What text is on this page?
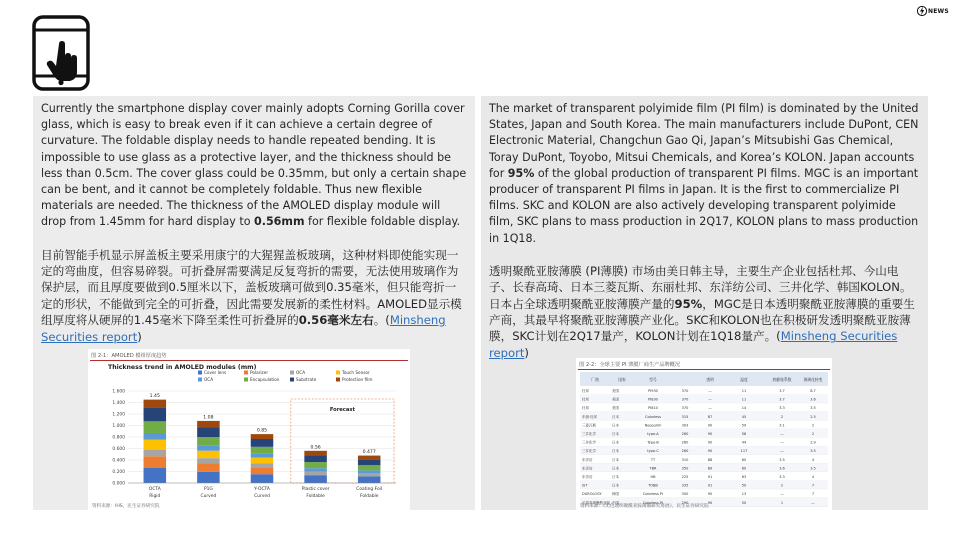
NEWS

Currently the smartphone display cover mainly adopts Corning Gorilla cover glass, which is easy to break even if it can achieve a certain degree of curvature. The foldable display needs to handle repeated bending. It is impossible to use glass as a protective layer, and the thickness should be less than 0.5cm. The cover glass could be 0.35mm, but only a certain shape can be bent, and it cannot be completely foldable. Thus new flexible materials are needed. The thickness of the AMOLED display module will drop from 1.45mm for hard display to 0.56mm for flexible foldable display.

目前智能手机显示屏盖板主要采用康宁的大猩猩盖板玻璃，这种材料即使能实现一定的弯曲度，但容易碎裂。可折叠屏需要满足反复弯折的需要，无法使用玻璃作为保护层，而且厚度要做到0.5厘米以下，盖板玻璃可做到0.35毫米，但只能弯折一定的形状，不能做到完全的可折叠，因此需要发展新的柔性材料。AMOLED显示模组厚度将从硬屏的1.45毫米下降至柔性可折叠屏的0.56毫米左右。(Minsheng Securities report)

The market of transparent polyimide film (PI film) is dominated by the United States, Japan and South Korea. The main manufacturers include DuPont, CEN Electronic Material, Changchun Gao Qi, Japan’s Mitsubishi Gas Chemical, Toray DuPont, Toyobo, Mitsui Chemicals, and Korea’s KOLON. Japan accounts for 95% of the global production of transparent PI films. MGC is an important producer of transparent PI films in Japan. It is the first to commercialize PI films. SKC and KOLON are also actively developing transparent polyimide film, SKC plans to mass production in 2Q17, KOLON plans to mass production in 1Q18.

透明聚酰亚胺薄膜 (PI薄膜) 市场由美日韩主导，主要生产企业包括杜邦、今山电子、长春高琦、日本三菱瓦斯、东丽杜邦、东洋纺公司、三井化学、韩国KOLON。日本占全球透明聚酰亚胺薄膜产量的95%，MGC是日本透明聚酰亚胺薄膜的重要生产商，其最早将聚酰亚胺薄膜产业化。SKC和KOLON也在积极研发透明聚酰亚胺薄膜，SKC计划在2Q17量产，KOLON计划在1Q18量产。(Minsheng Securities report)

图 2-1：AMOLED 模组厚度趋势
Thickness trend in AMOLED modules (mm)
0.000
0.200
0.400
0.600
0.800
1.000
1.200
1.400
1.600
Cover lens	Polarizer	OCA	Touch Sensor
OCA	Encapsulation	Substrate	Protection film
Forecast
1.45
OCTA
Rigid
1.08
P1G
Curved
0.85
Y-OCTA
Curved
0.56
Plastic cover
Foldable
0.477
Coating Foil
Foldable
资料来源：IHS，民生证券研究院
图 2-2：全球主要 PI 薄膜厂商生产品牌概况
厂商	国家	型号	透明	温度	热膨胀系数	玻璃化转变
杜邦	美国	PI930	370	—	11	3.7	8.7
杜邦	美国	PI830	370	—	11	3.7	3.6
杜邦	美国	PI810	370	—	14	3.3	3.5
东丽·杜邦	日本	Colorless	315	87	45	2	2.5
三菱瓦斯	日本	Neopulim	303	90	59	3.1	2
三井化学	日本	type-A	260	90	58	—	2
三井化学	日本	Type-B	260	90	44	—	2.9
三井化学	日本	type-C	260	90	117	—	3.5
东洋纺	日本	TT	310	88	60	3.5	4
东洋纺	日本	TBR	350	89	60	3.6	3.5
东洋纺	日本	HB	225	91	63	3.3	4
IST	日本	TOBB	335	91	50	2	7
DUROLOGY	韩国	Colorless PI	300	90	13	—	7
长春高琦聚酰亚胺 中国	Colorless PI	290	90	50	1	—
资料来源：《无色透明聚酰亚胺薄膜研究进展》，民生证券研究院
